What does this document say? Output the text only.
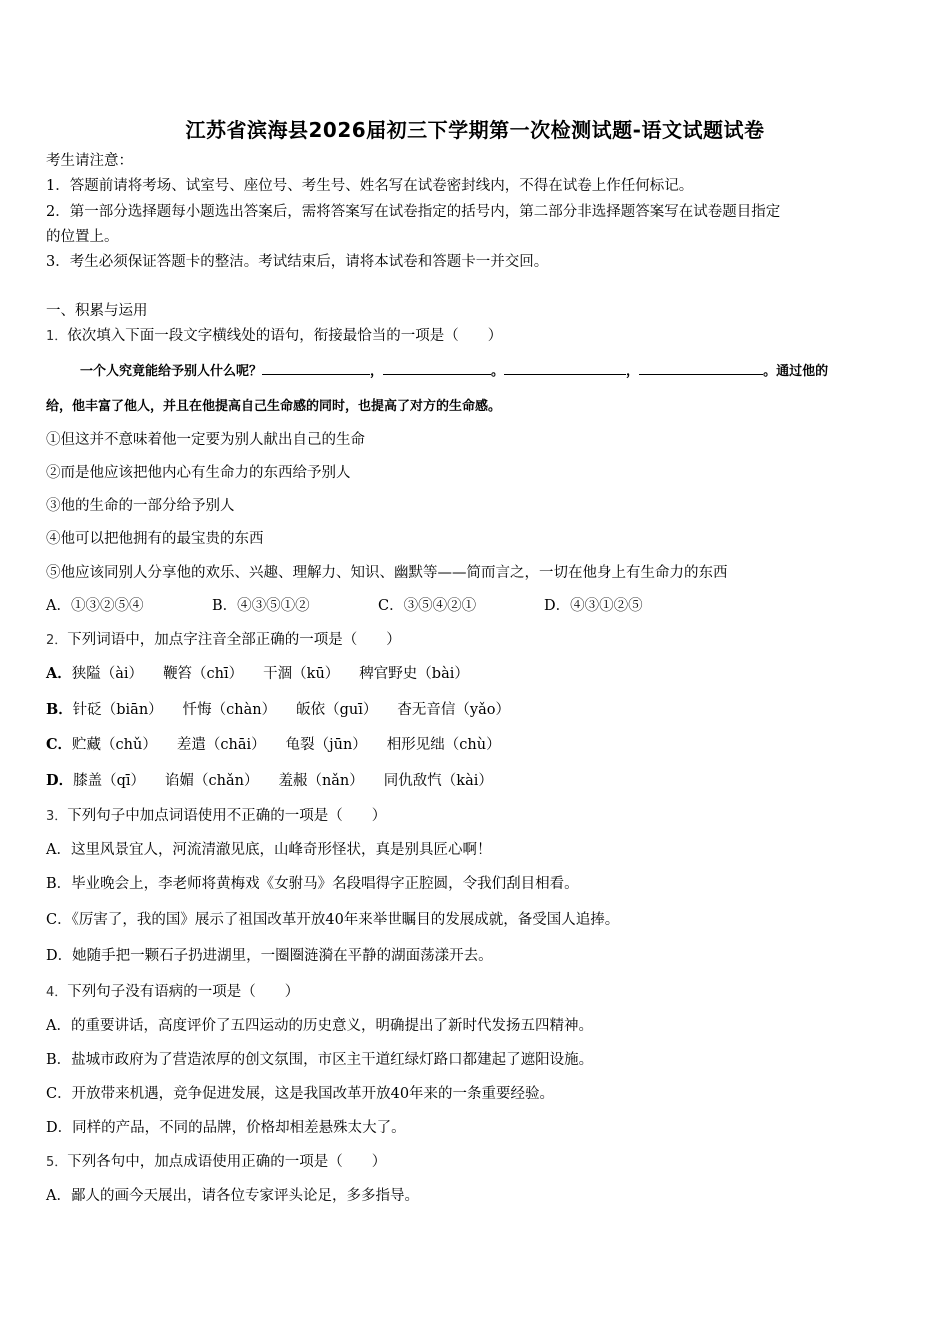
江苏省滨海县2026届初三下学期第一次检测试题-语文试题试卷
考生请注意：
1．答题前请将考场、试室号、座位号、考生号、姓名写在试卷密封线内，不得在试卷上作任何标记。
2．第一部分选择题每小题选出答案后，需将答案写在试卷指定的括号内，第二部分非选择题答案写在试卷题目指定
的位置上。
3．考生必须保证答题卡的整洁。考试结束后，请将本试卷和答题卡一并交回。
一、积累与运用
1．依次填入下面一段文字横线处的语句，衔接最恰当的一项是（　　）
一个人究竟能给予别人什么呢？	，	。	，	。通过他的
给，他丰富了他人，并且在他提高自己生命感的同时，也提高了对方的生命感。
①但这并不意味着他一定要为别人献出自己的生命
②而是他应该把他内心有生命力的东西给予别人
③他的生命的一部分给予别人
④他可以把他拥有的最宝贵的东西
⑤他应该同别人分享他的欢乐、兴趣、理解力、知识、幽默等——简而言之，一切在他身上有生命力的东西
A．①③②⑤④	B．④③⑤①②	C．③⑤④②①	D．④③①②⑤
2．下列词语中，加点字注音全部正确的一项是（　　）
A．狭隘（ài） 鞭笞（chī） 干涸（kū） 稗官野史（bài）
B．针砭（biān） 忏悔（chàn） 皈依（guī） 杳无音信（yǎo）
C．贮藏（chǔ） 差遣（chāi） 龟裂（jūn） 相形见绌（chù）
D．膝盖（qī） 谄媚（chǎn） 羞赧（nǎn） 同仇敌忾（kài）
3．下列句子中加点词语使用不正确的一项是（　　）
A．这里风景宜人，河流清澈见底，山峰奇形怪状，真是别具匠心啊！
B．毕业晚会上，李老师将黄梅戏《女驸马》名段唱得字正腔圆，令我们刮目相看。
C．《厉害了，我的国》展示了祖国改革开放40年来举世瞩目的发展成就，备受国人追捧。
D．她随手把一颗石子扔进湖里，一圈圈涟漪在平静的湖面荡漾开去。
4．下列句子没有语病的一项是（　　）
A．的重要讲话，高度评价了五四运动的历史意义，明确提出了新时代发扬五四精神。
B．盐城市政府为了营造浓厚的创文氛围，市区主干道红绿灯路口都建起了遮阳设施。
C．开放带来机遇，竞争促进发展，这是我国改革开放40年来的一条重要经验。
D．同样的产品，不同的品牌，价格却相差悬殊太大了。
5．下列各句中，加点成语使用正确的一项是（　　）
A．鄙人的画今天展出，请各位专家评头论足，多多指导。
